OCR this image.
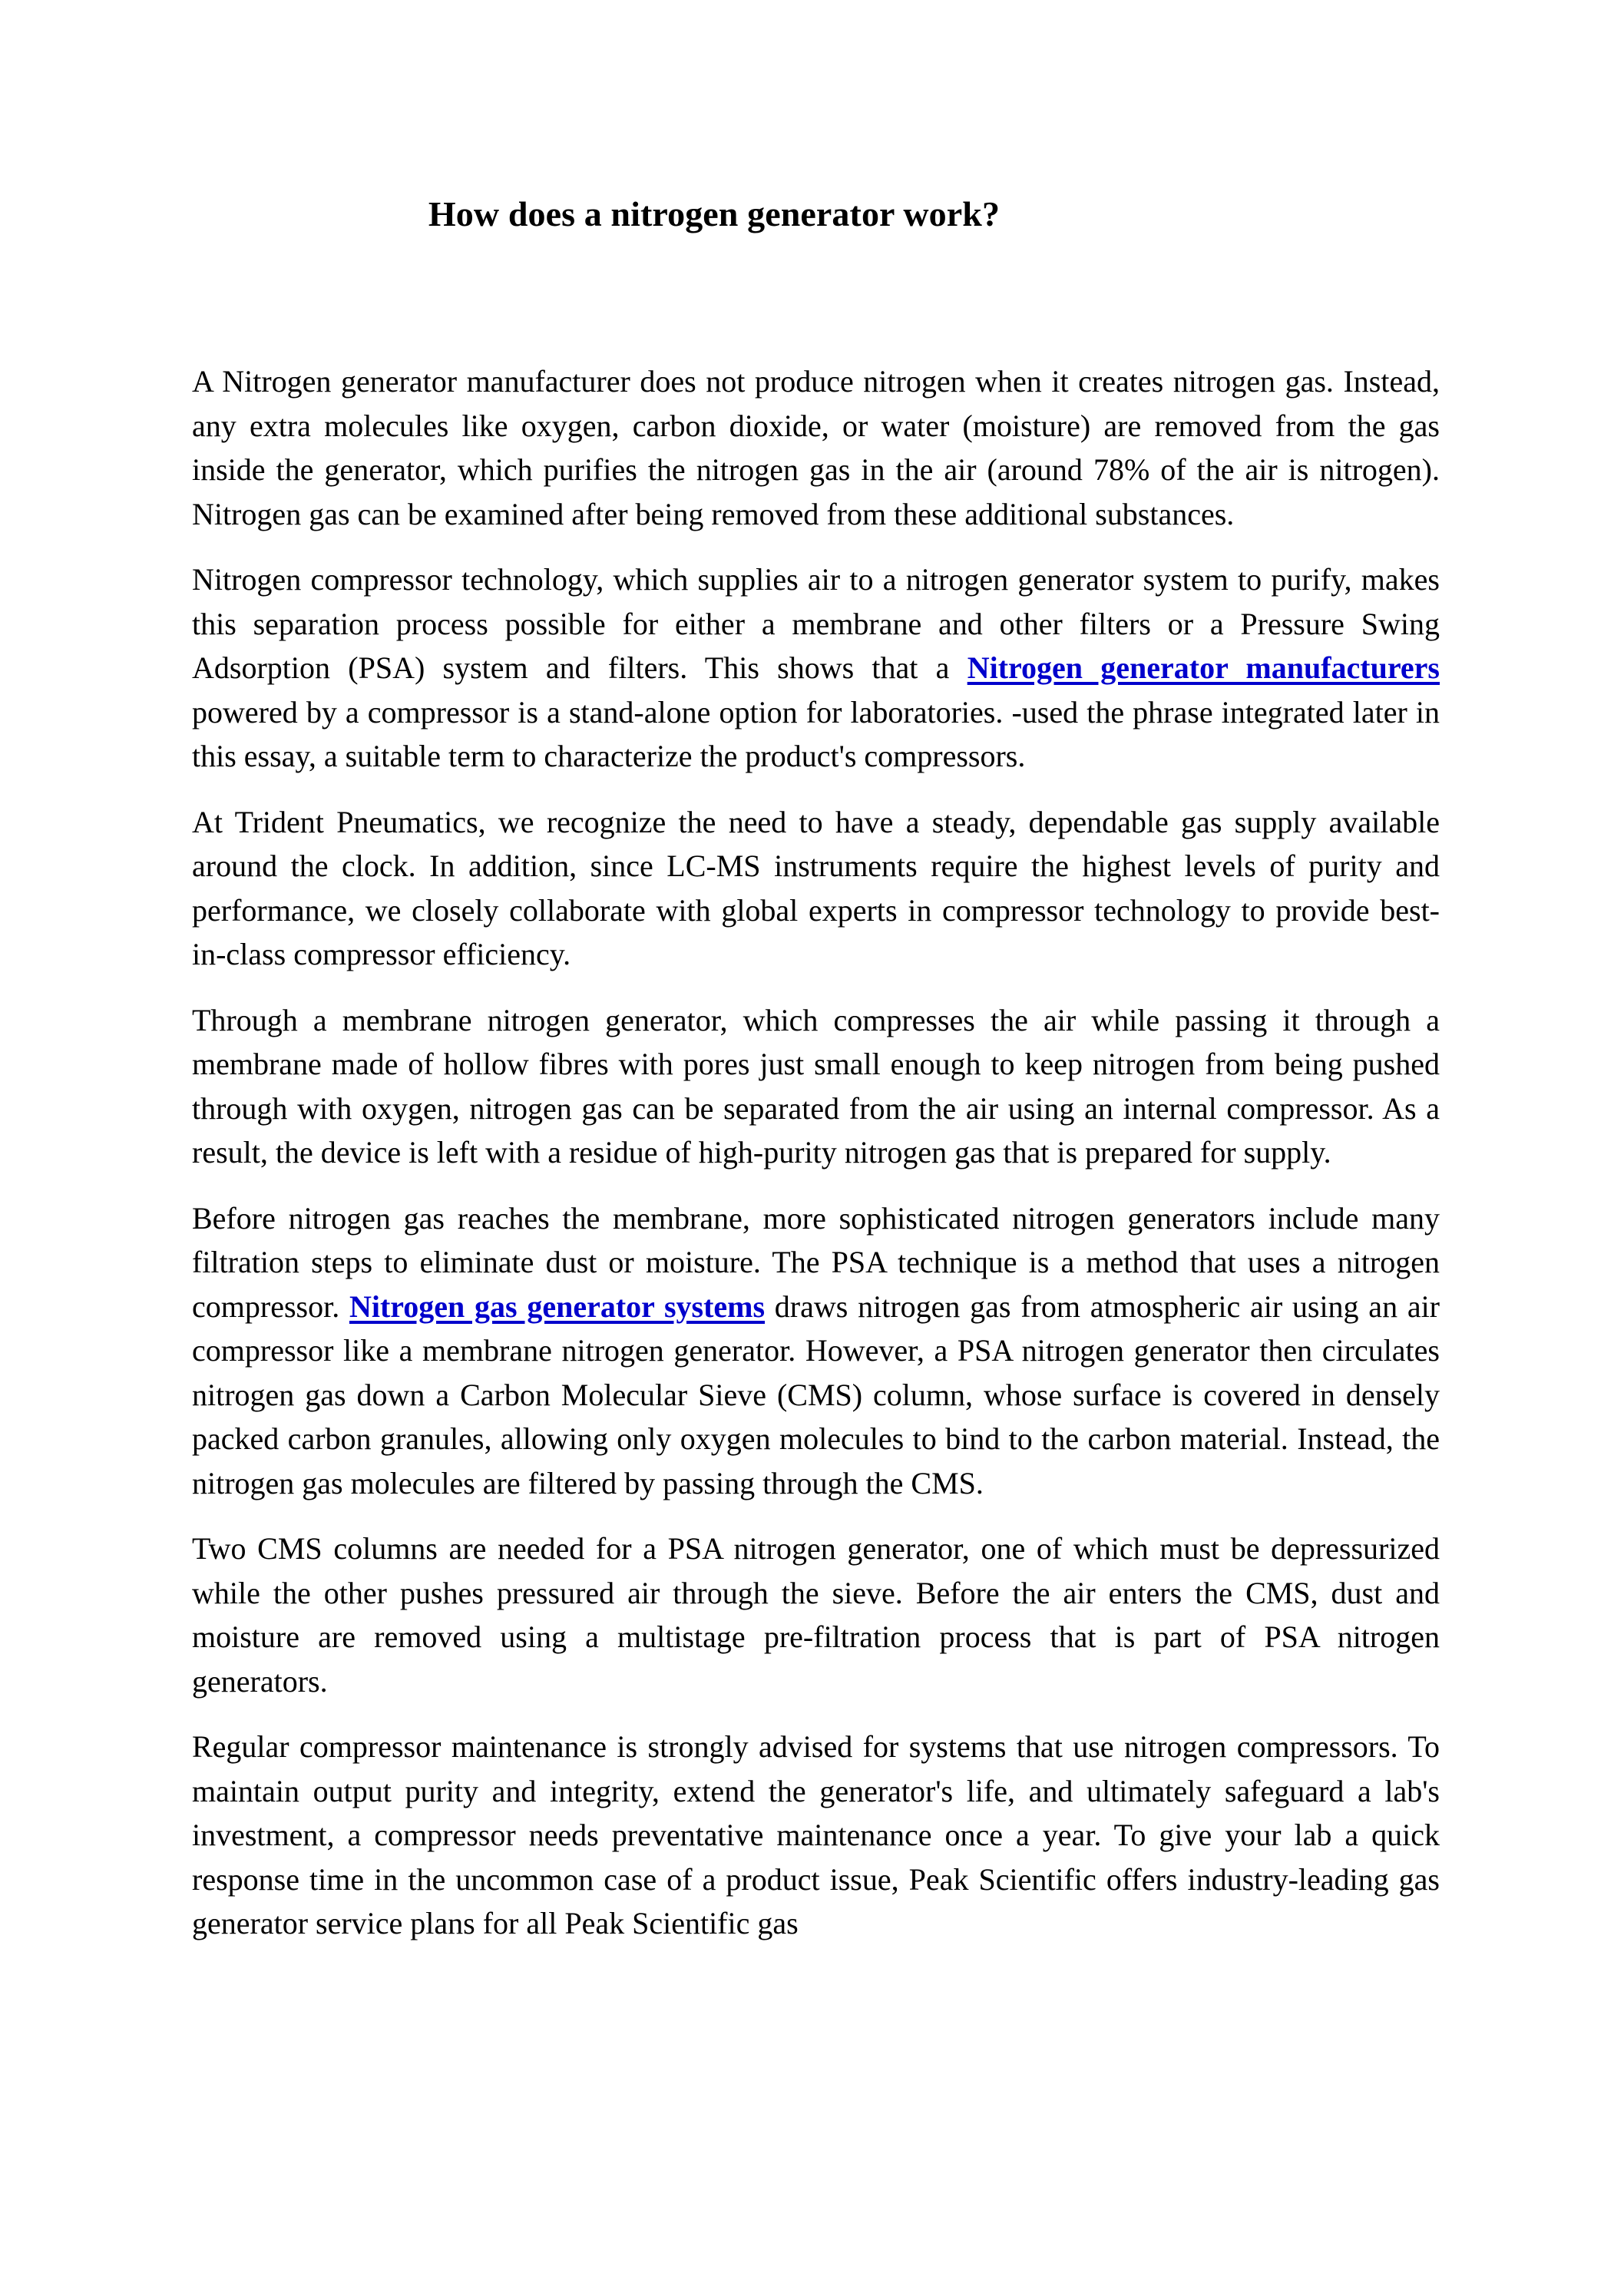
How does a nitrogen generator work?

A Nitrogen generator manufacturer does not produce nitrogen when it creates nitrogen gas. Instead, any extra molecules like oxygen, carbon dioxide, or water (moisture) are removed from the gas inside the generator, which purifies the nitrogen gas in the air (around 78% of the air is nitrogen). Nitrogen gas can be examined after being removed from these additional substances.

Nitrogen compressor technology, which supplies air to a nitrogen generator system to purify, makes this separation process possible for either a membrane and other filters or a Pressure Swing Adsorption (PSA) system and filters. This shows that a Nitrogen generator manufacturers powered by a compressor is a stand-alone option for laboratories. -used the phrase integrated later in this essay, a suitable term to characterize the product's compressors.

At Trident Pneumatics, we recognize the need to have a steady, dependable gas supply available around the clock. In addition, since LC-MS instruments require the highest levels of purity and performance, we closely collaborate with global experts in compressor technology to provide best-in-class compressor efficiency.

Through a membrane nitrogen generator, which compresses the air while passing it through a membrane made of hollow fibres with pores just small enough to keep nitrogen from being pushed through with oxygen, nitrogen gas can be separated from the air using an internal compressor. As a result, the device is left with a residue of high-purity nitrogen gas that is prepared for supply.

Before nitrogen gas reaches the membrane, more sophisticated nitrogen generators include many filtration steps to eliminate dust or moisture. The PSA technique is a method that uses a nitrogen compressor. Nitrogen gas generator systems draws nitrogen gas from atmospheric air using an air compressor like a membrane nitrogen generator. However, a PSA nitrogen generator then circulates nitrogen gas down a Carbon Molecular Sieve (CMS) column, whose surface is covered in densely packed carbon granules, allowing only oxygen molecules to bind to the carbon material. Instead, the nitrogen gas molecules are filtered by passing through the CMS.

Two CMS columns are needed for a PSA nitrogen generator, one of which must be depressurized while the other pushes pressured air through the sieve. Before the air enters the CMS, dust and moisture are removed using a multistage pre-filtration process that is part of PSA nitrogen generators.

Regular compressor maintenance is strongly advised for systems that use nitrogen compressors. To maintain output purity and integrity, extend the generator's life, and ultimately safeguard a lab's investment, a compressor needs preventative maintenance once a year. To give your lab a quick response time in the uncommon case of a product issue, Peak Scientific offers industry-leading gas generator service plans for all Peak Scientific gas
